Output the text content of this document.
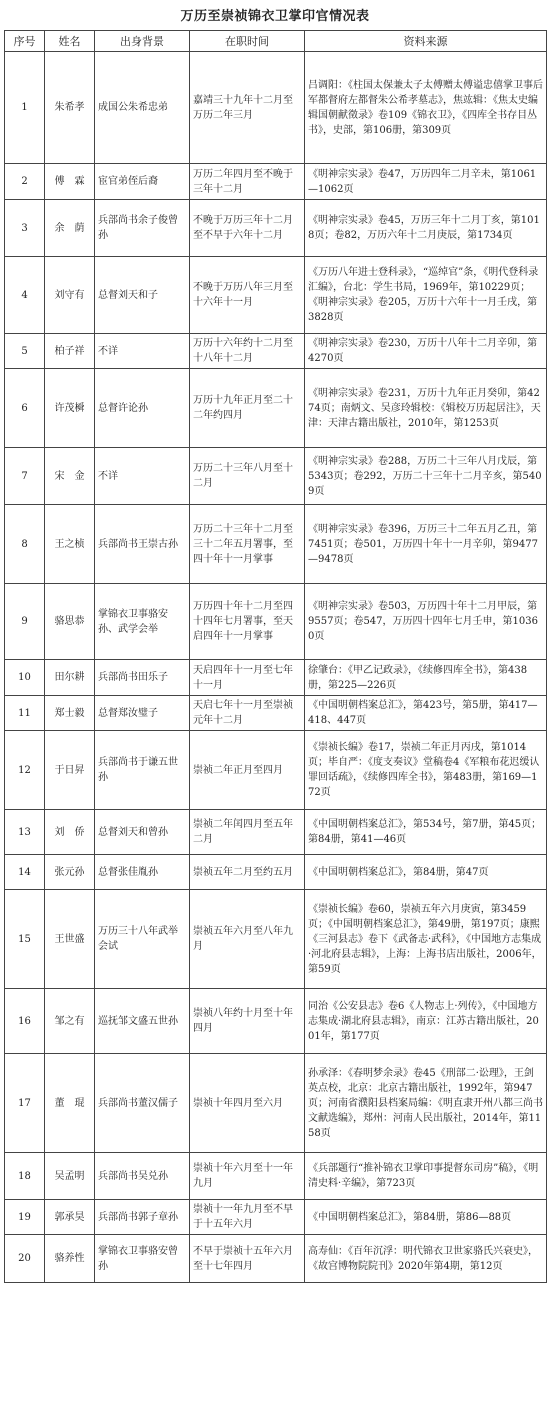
万历至崇祯锦衣卫掌印官情况表
序号	姓名	出身背景	在职时间	资料来源
1	朱希孝	成国公朱希忠弟	嘉靖三十九年十二月至万历二年三月	吕调阳：《柱国太保兼太子太傅赠太傅谥忠僖掌卫事后军都督府左都督朱公希孝墓志》，焦竑辑：《焦太史编辑国朝献徵录》卷109《锦衣卫》，《四库全书存目丛书》，史部，第106册，第309页
2	傅　霖	宦官弟侄后裔	万历二年四月至不晚于三年十二月	《明神宗实录》卷47，万历四年二月辛未，第1061—1062页
3	余　荫	兵部尚书余子俊曾孙	不晚于万历三年十二月至不早于六年十二月	《明神宗实录》卷45，万历三年十二月丁亥，第1018页；卷82，万历六年十二月庚辰，第1734页
4	刘守有	总督刘天和子	不晚于万历八年三月至十六年十一月	《万历八年进士登科录》，“巡绰官”条，《明代登科录汇编》，台北：学生书局，1969年，第10229页；《明神宗实录》卷205，万历十六年十一月壬戌，第3828页
5	柏子祥	不详	万历十六年约十二月至十八年十二月	《明神宗实录》卷230，万历十八年十二月辛卯，第4270页
6	许茂橓	总督许论孙	万历十九年正月至二十二年约四月	《明神宗实录》卷231，万历十九年正月癸卯，第4274页；南炳文、吴彦玲辑校：《辑校万历起居注》，天津：天津古籍出版社，2010年，第1253页
7	宋　金	不详	万历二十三年八月至十二月	《明神宗实录》卷288，万历二十三年八月戊辰，第5343页；卷292，万历二十三年十二月辛亥，第5409页
8	王之桢	兵部尚书王崇古孙	万历二十三年十二月至三十二年五月署事，至四十年十一月掌事	《明神宗实录》卷396，万历三十二年五月乙丑，第7451页；卷501，万历四十年十一月辛卯，第9477—9478页
9	骆思恭	掌锦衣卫事骆安孙、武学会举	万历四十年十二月至四十四年七月署事，至天启四年十一月掌事	《明神宗实录》卷503，万历四十年十二月甲辰，第9557页；卷547，万历四十四年七月壬申，第10360页
10	田尔耕	兵部尚书田乐子	天启四年十一月至七年十一月	徐肇台：《甲乙记政录》，《续修四库全书》，第438册，第225—226页
11	郑士毅	总督郑汝璧子	天启七年十一月至崇祯元年十二月	《中国明朝档案总汇》，第423号，第5册，第417—418、447页
12	于日昇	兵部尚书于谦五世孙	崇祯二年正月至四月	《崇祯长编》卷17，崇祯二年正月丙戌，第1014页；毕自严：《度支奏议》堂稿卷4《军粮布花迟缓认罪回话疏》，《续修四库全书》，第483册，第169—172页
13	刘　侨	总督刘天和曾孙	崇祯二年闰四月至五年二月	《中国明朝档案总汇》，第534号，第7册，第45页；第84册，第41—46页
14	张元孙	总督张佳胤孙	崇祯五年二月至约五月	《中国明朝档案总汇》，第84册，第47页
15	王世盛	万历三十八年武举会试	崇祯五年六月至八年九月	《崇祯长编》卷60，崇祯五年六月庚寅，第3459页；《中国明朝档案总汇》，第49册，第197页；康熙《三河县志》卷下《武备志·武科》，《中国地方志集成·河北府县志辑》，上海：上海书店出版社，2006年，第59页
16	邹之有	巡抚邹文盛五世孙	崇祯八年约十月至十年四月	同治《公安县志》卷6《人物志上·列传》，《中国地方志集成·湖北府县志辑》，南京：江苏古籍出版社，2001年，第177页
17	董　琨	兵部尚书董汉儒子	崇祯十年四月至六月	孙承泽：《春明梦余录》卷45《刑部二·讼理》，王剑英点校，北京：北京古籍出版社，1992年，第947页；河南省濮阳县档案局编：《明直隶开州八都三尚书文献选编》，郑州：河南人民出版社，2014年，第1158页
18	吴孟明	兵部尚书吴兑孙	崇祯十年六月至十一年九月	《兵部题行“推补锦衣卫掌印事提督东司房”稿》，《明清史料·辛编》，第723页
19	郭承昊	兵部尚书郭子章孙	崇祯十一年九月至不早于十五年六月	《中国明朝档案总汇》，第84册，第86—88页
20	骆养性	掌锦衣卫事骆安曾孙	不早于崇祯十五年六月至十七年四月	高寿仙：《百年沉浮：明代锦衣卫世家骆氏兴衰史》，《故宫博物院院刊》2020年第4期，第12页
